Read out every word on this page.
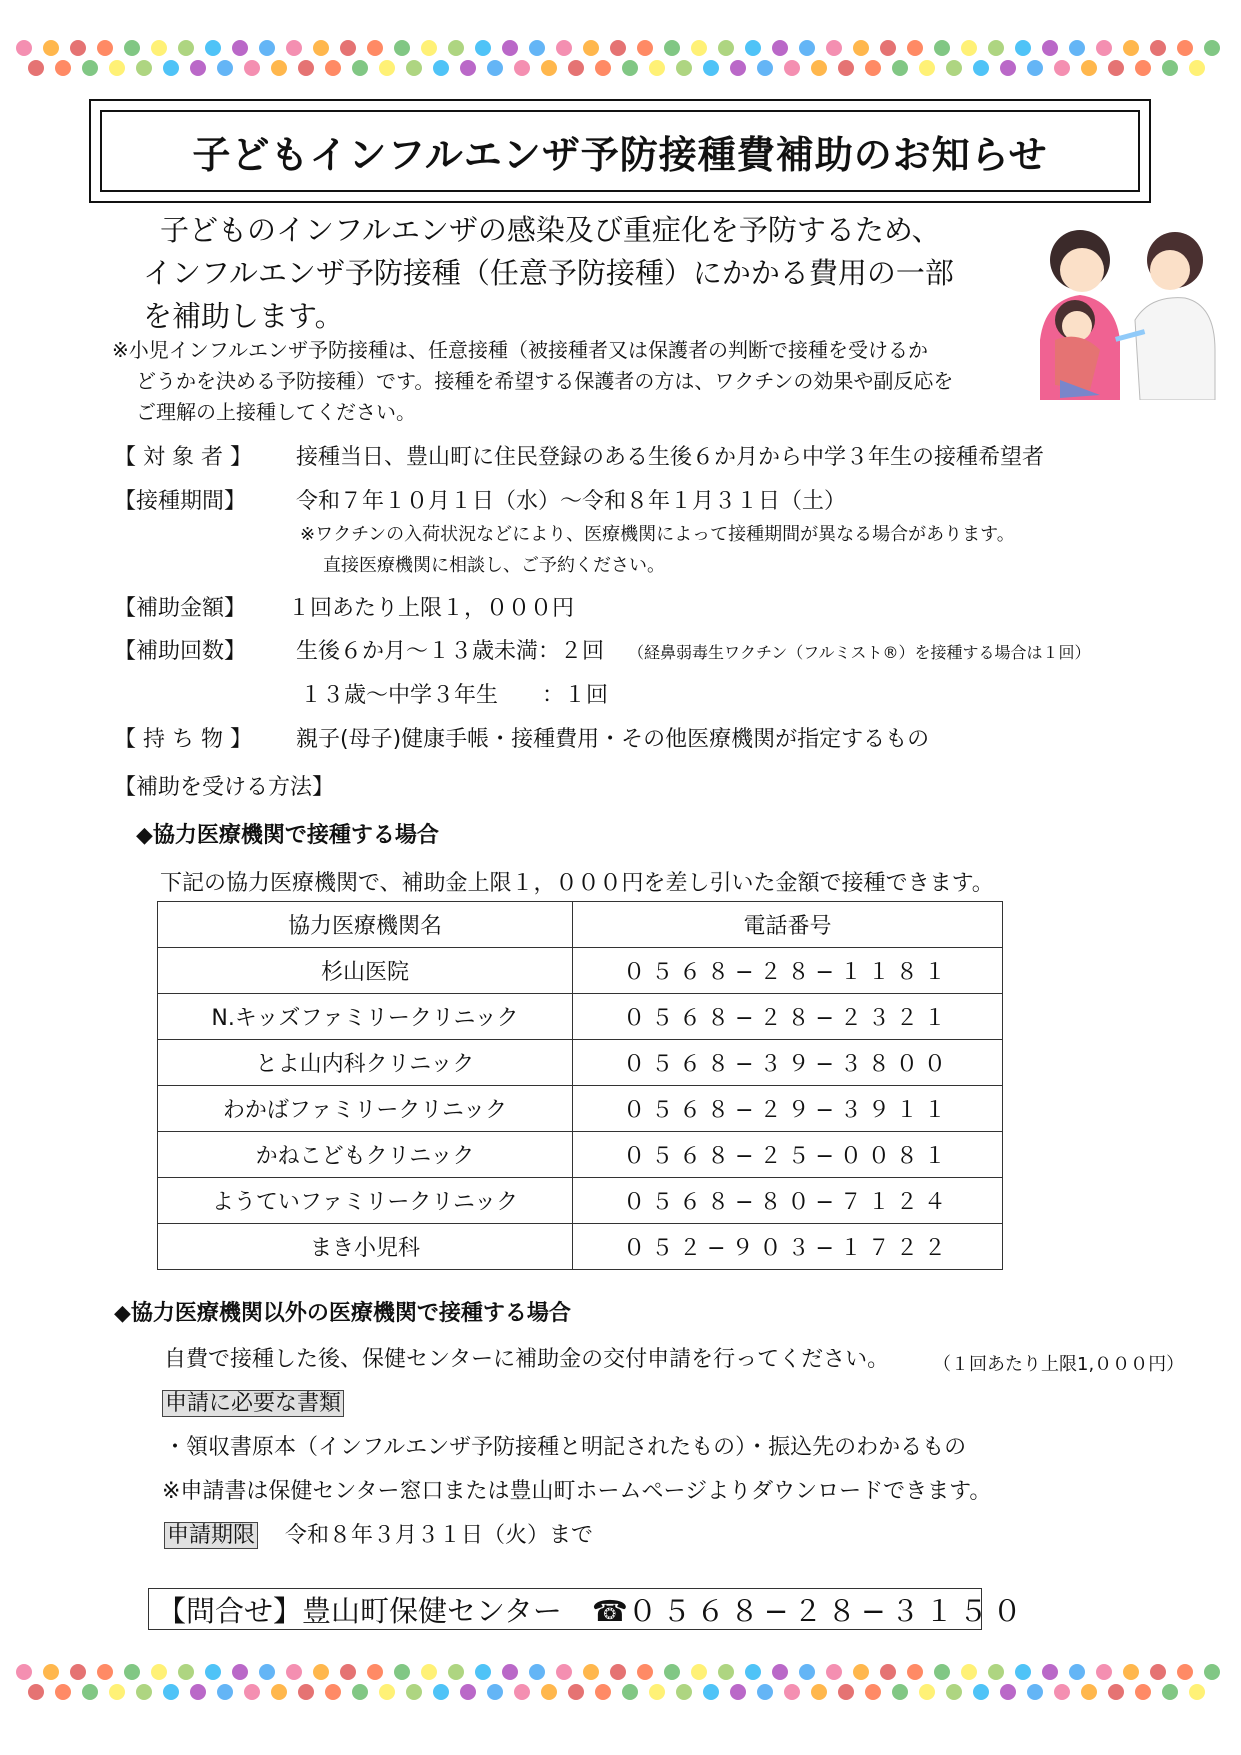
子どもインフルエンザ予防接種費補助のお知らせ
子どものインフルエンザの感染及び重症化を予防するため、
インフルエンザ予防接種（任意予防接種）にかかる費用の一部
を補助します。
※小児インフルエンザ予防接種は、任意接種（被接種者又は保護者の判断で接種を受けるか
どうかを決める予防接種）です。接種を希望する保護者の方は、ワクチンの効果や副反応を
ご理解の上接種してください。
【 対 象 者 】 接種当日、豊山町に住民登録のある生後６か月から中学３年生の接種希望者
【接種期間】 令和７年１０月１日（水）～令和８年１月３１日（土）
※ワクチンの入荷状況などにより、医療機関によって接種期間が異なる場合があります。
直接医療機関に相談し、ご予約ください。
【補助金額】 １回あたり上限１，０００円
【補助回数】 生後６か月～１３歳未満：２回 （経鼻弱毒生ワクチン（フルミスト®）を接種する場合は１回）
１３歳～中学３年生　　：１回
【 持 ち 物 】 親子(母子)健康手帳・接種費用・その他医療機関が指定するもの
【補助を受ける方法】
◆協力医療機関で接種する場合
下記の協力医療機関で、補助金上限１，０００円を差し引いた金額で接種できます。
協力医療機関名	電話番号
杉山医院	０５６８−２８−１１８１
N.キッズファミリークリニック	０５６８−２８−２３２１
とよ山内科クリニック	０５６８−３９−３８００
わかばファミリークリニック	０５６８−２９−３９１１
かねこどもクリニック	０５６８−２５−００８１
ようていファミリークリニック	０５６８−８０−７１２４
まき小児科	０５２−９０３−１７２２
◆協力医療機関以外の医療機関で接種する場合
自費で接種した後、保健センターに補助金の交付申請を行ってください。 （１回あたり上限1,０００円）
申請に必要な書類
・領収書原本（インフルエンザ予防接種と明記されたもの）・振込先のわかるもの
※申請書は保健センター窓口または豊山町ホームページよりダウンロードできます。
申請期限 令和８年３月３１日（火）まで
【問合せ】豊山町保健センター ☎０５６８−２８−３１５０
